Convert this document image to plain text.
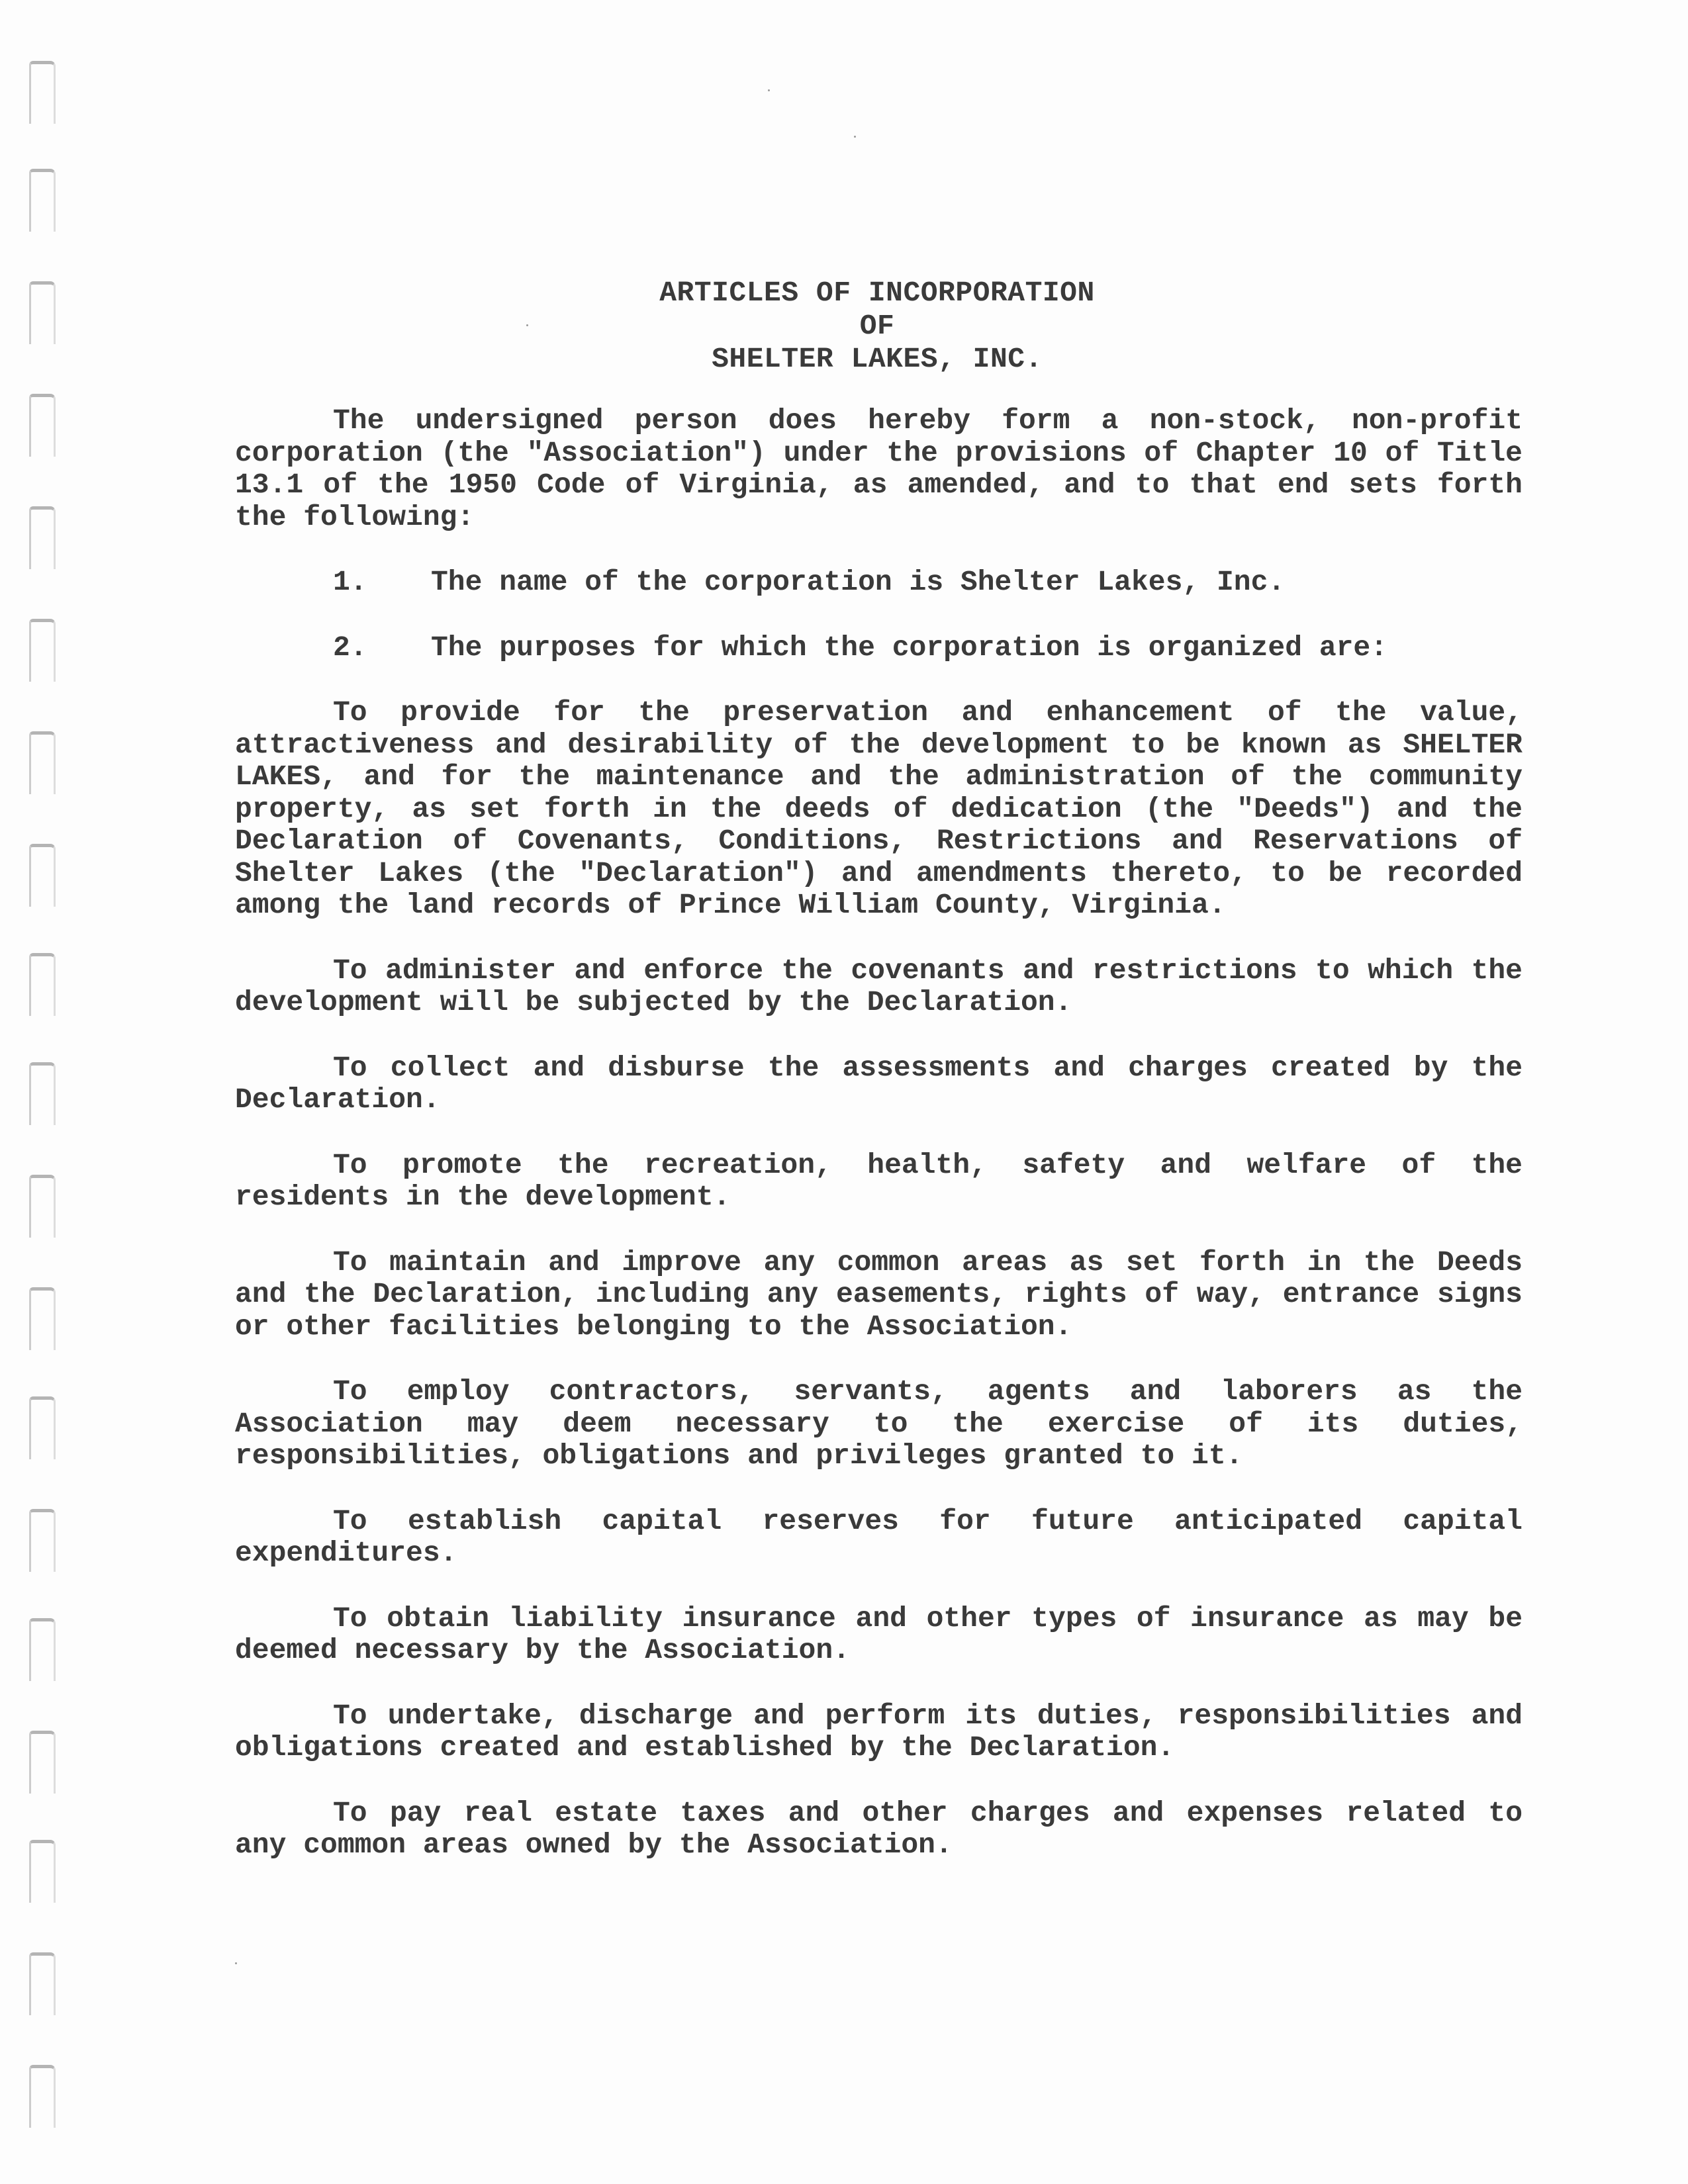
ARTICLES OF INCORPORATION
OF
SHELTER LAKES, INC.

The undersigned person does hereby form a non-stock, non-profit corporation (the "Association") under the provisions of Chapter 10 of Title 13.1 of the 1950 Code of Virginia, as amended, and to that end sets forth the following:

1. The name of the corporation is Shelter Lakes, Inc.
2. The purposes for which the corporation is organized are:

To provide for the preservation and enhancement of the value, attractiveness and desirability of the development to be known as SHELTER LAKES, and for the maintenance and the administration of the community property, as set forth in the deeds of dedication (the "Deeds") and the Declaration of Covenants, Conditions, Restrictions and Reservations of Shelter Lakes (the "Declaration") and amendments thereto, to be recorded among the land records of Prince William County, Virginia.

To administer and enforce the covenants and restrictions to which the development will be subjected by the Declaration.

To collect and disburse the assessments and charges created by the Declaration.

To promote the recreation, health, safety and welfare of the residents in the development.

To maintain and improve any common areas as set forth in the Deeds and the Declaration, including any easements, rights of way, entrance signs or other facilities belonging to the Association.

To employ contractors, servants, agents and laborers as the Association may deem necessary to the exercise of its duties, responsibilities, obligations and privileges granted to it.

To establish capital reserves for future anticipated capital expenditures.

To obtain liability insurance and other types of insurance as may be deemed necessary by the Association.

To undertake, discharge and perform its duties, responsibilities and obligations created and established by the Declaration.

To pay real estate taxes and other charges and expenses related to any common areas owned by the Association.
